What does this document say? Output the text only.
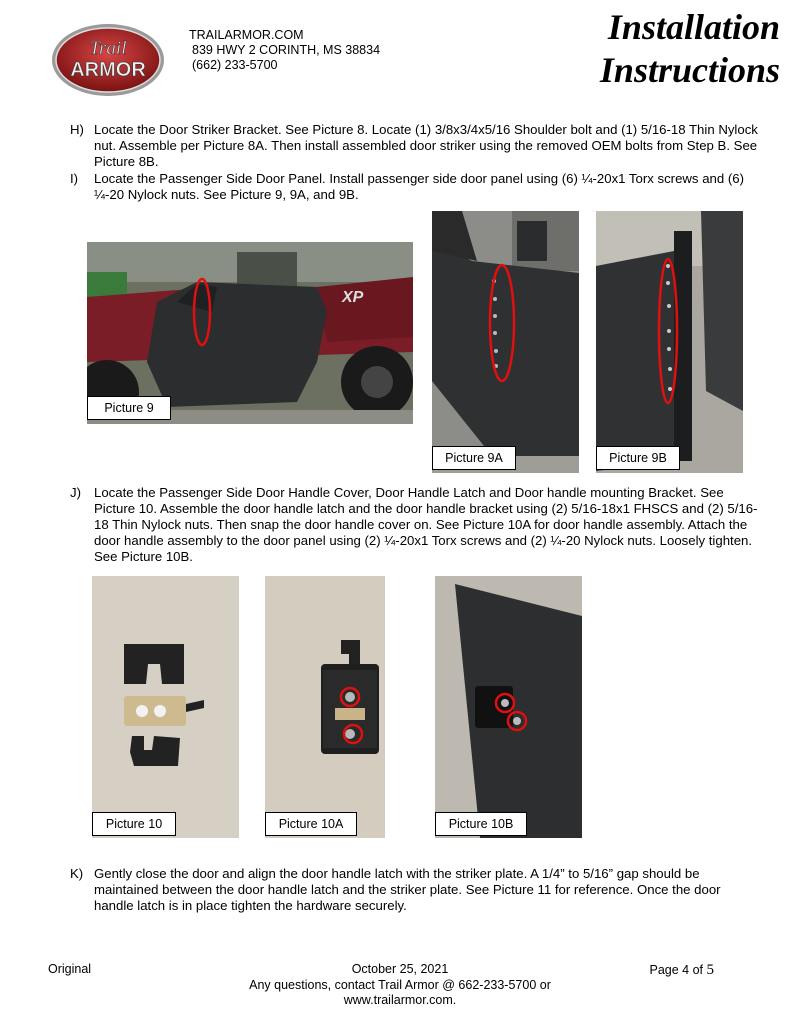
Trail
ARMOR
TRAILARMOR.COM
839 HWY 2 CORINTH, MS 38834
(662) 233-5700
Installation
Instructions
H) Locate the Door Striker Bracket. See Picture 8. Locate (1) 3/8x3/4x5/16 Shoulder bolt and (1) 5/16-18 Thin Nylock nut. Assemble per Picture 8A. Then install assembled door striker using the removed OEM bolts from Step B. See Picture 8B.
I) Locate the Passenger Side Door Panel. Install passenger side door panel using (6) ¼-20x1 Torx screws and (6) ¼-20 Nylock nuts. See Picture 9, 9A, and 9B.
XP
Picture 9
Picture 9A	Picture 9B
J) Locate the Passenger Side Door Handle Cover, Door Handle Latch and Door handle mounting Bracket. See Picture 10. Assemble the door handle latch and the door handle bracket using (2) 5/16-18x1 FHSCS and (2) 5/16-18 Thin Nylock nuts. Then snap the door handle cover on. See Picture 10A for door handle assembly. Attach the door handle assembly to the door panel using (2) ¼-20x1 Torx screws and (2) ¼-20 Nylock nuts. Loosely tighten. See Picture 10B.
Picture 10	Picture 10A	Picture 10B
K) Gently close the door and align the door handle latch with the striker plate. A 1/4” to 5/16” gap should be maintained between the door handle latch and the striker plate. See Picture 11 for reference. Once the door handle latch is in place tighten the hardware securely.
Original	October 25, 2021
Any questions, contact Trail Armor @ 662-233-5700 or
www.trailarmor.com.
Page 4 of 5
